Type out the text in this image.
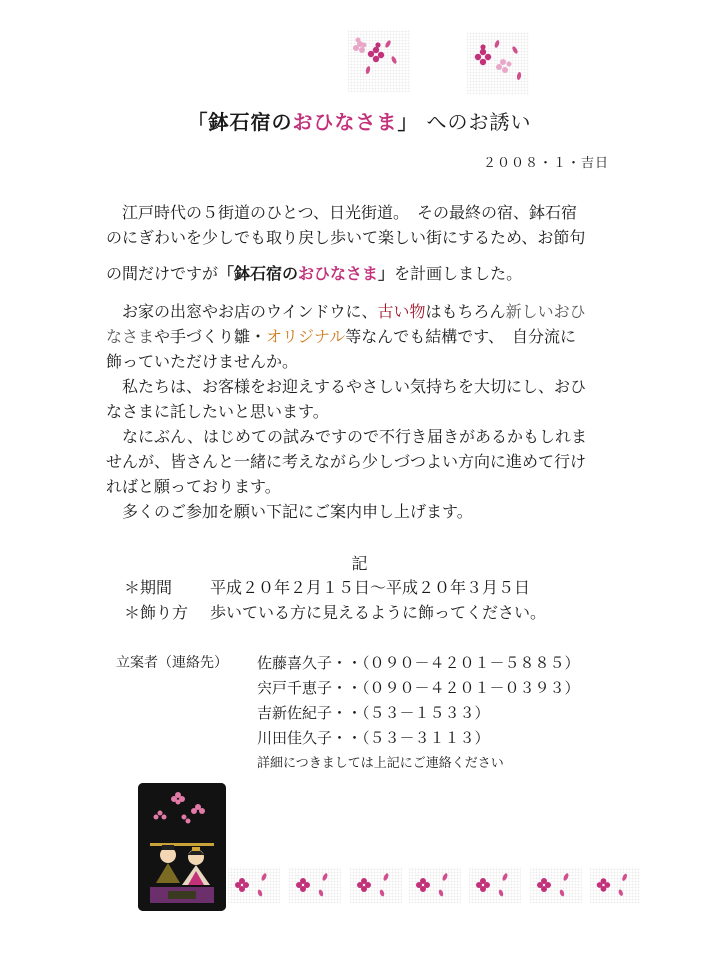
「鉢石宿のおひなさま」 へのお誘い
２００８・１・吉日
江戸時代の５街道のひとつ、日光街道。　その最終の宿、鉢石宿
のにぎわいを少しでも取り戻し歩いて楽しい街にするため、お節句
の間だけですが「鉢石宿のおひなさま」を計画しました。
お家の出窓やお店のウインドウに、古い物はもちろん新しいおひ
なさまや手づくり雛・オリジナル等なんでも結構です、　自分流に
飾っていただけませんか。
私たちは、お客様をお迎えするやさしい気持ちを大切にし、おひ
なさまに託したいと思います。
なにぶん、はじめての試みですので不行き届きがあるかもしれま
せんが、皆さんと一緒に考えながら少しづつよい方向に進めて行け
ればと願っております。
多くのご参加を願い下記にご案内申し上げます。
記
＊期間 平成２０年２月１５日〜平成２０年３月５日
＊飾り方 歩いている方に見えるように飾ってください。
立案者（連絡先） 佐藤喜久子・・（０９０－４２０１－５８８５）
宍戸千恵子・・（０９０－４２０１－０３９３）
吉新佐紀子・・（５３－１５３３）
川田佳久子・・（５３－３１１３）
詳細につきましては上記にご連絡ください
